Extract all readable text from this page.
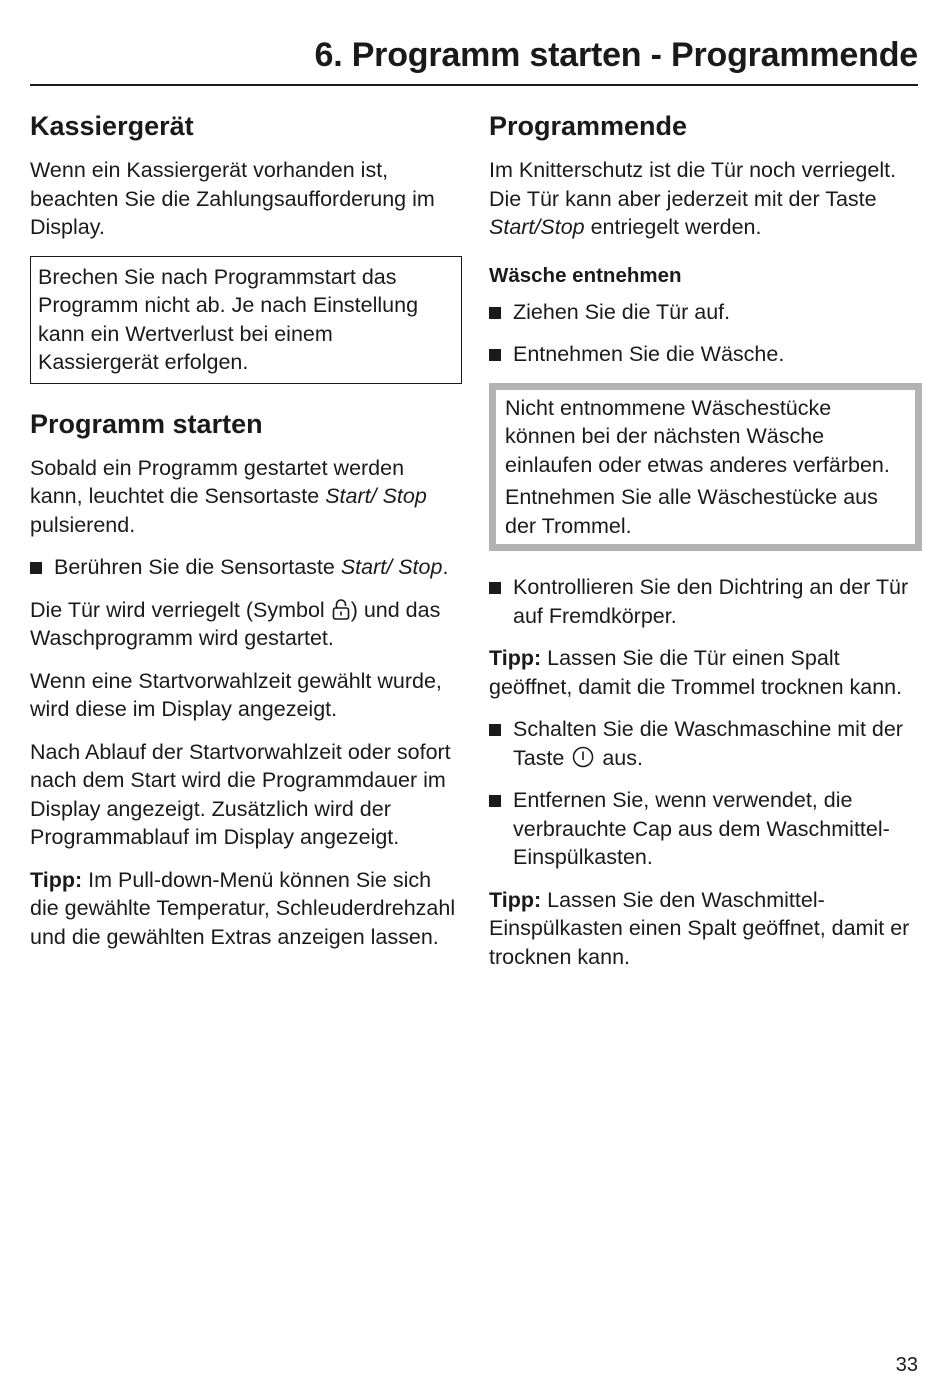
6. Programm starten - Programmende
Kassiergerät

Wenn ein Kassiergerät vorhanden ist, beachten Sie die Zahlungsaufforderung im Display.

Brechen Sie nach Programmstart das Programm nicht ab. Je nach Einstellung kann ein Wertverlust bei einem Kassiergerät erfolgen.
Programm starten

Sobald ein Programm gestartet werden kann, leuchtet die Sensortaste Start/ Stop pulsierend.

Berühren Sie die Sensortaste Start/ Stop.

Die Tür wird verriegelt (Symbol ) und das Waschprogramm wird gestartet.

Wenn eine Startvorwahlzeit gewählt wurde, wird diese im Display angezeigt.

Nach Ablauf der Startvorwahlzeit oder sofort nach dem Start wird die Programmdauer im Display angezeigt. Zusätzlich wird der Programmablauf im Display angezeigt.

Tipp: Im Pull-down-Menü können Sie sich die gewählte Temperatur, Schleuderdrehzahl und die gewählten Extras anzeigen lassen.

Programmende

Im Knitterschutz ist die Tür noch verriegelt. Die Tür kann aber jederzeit mit der Taste Start/Stop entriegelt werden.

Wäsche entnehmen
Ziehen Sie die Tür auf.
Entnehmen Sie die Wäsche.

Nicht entnommene Wäschestücke können bei der nächsten Wäsche einlaufen oder etwas anderes verfärben.

Entnehmen Sie alle Wäschestücke aus der Trommel.

Kontrollieren Sie den Dichtring an der Tür auf Fremdkörper.

Tipp: Lassen Sie die Tür einen Spalt geöffnet, damit die Trommel trocknen kann.

Schalten Sie die Waschmaschine mit der Taste  aus.
Entfernen Sie, wenn verwendet, die verbrauchte Cap aus dem Waschmittel-Einspülkasten.

Tipp: Lassen Sie den Waschmittel-Einspülkasten einen Spalt geöffnet, damit er trocknen kann.

33
